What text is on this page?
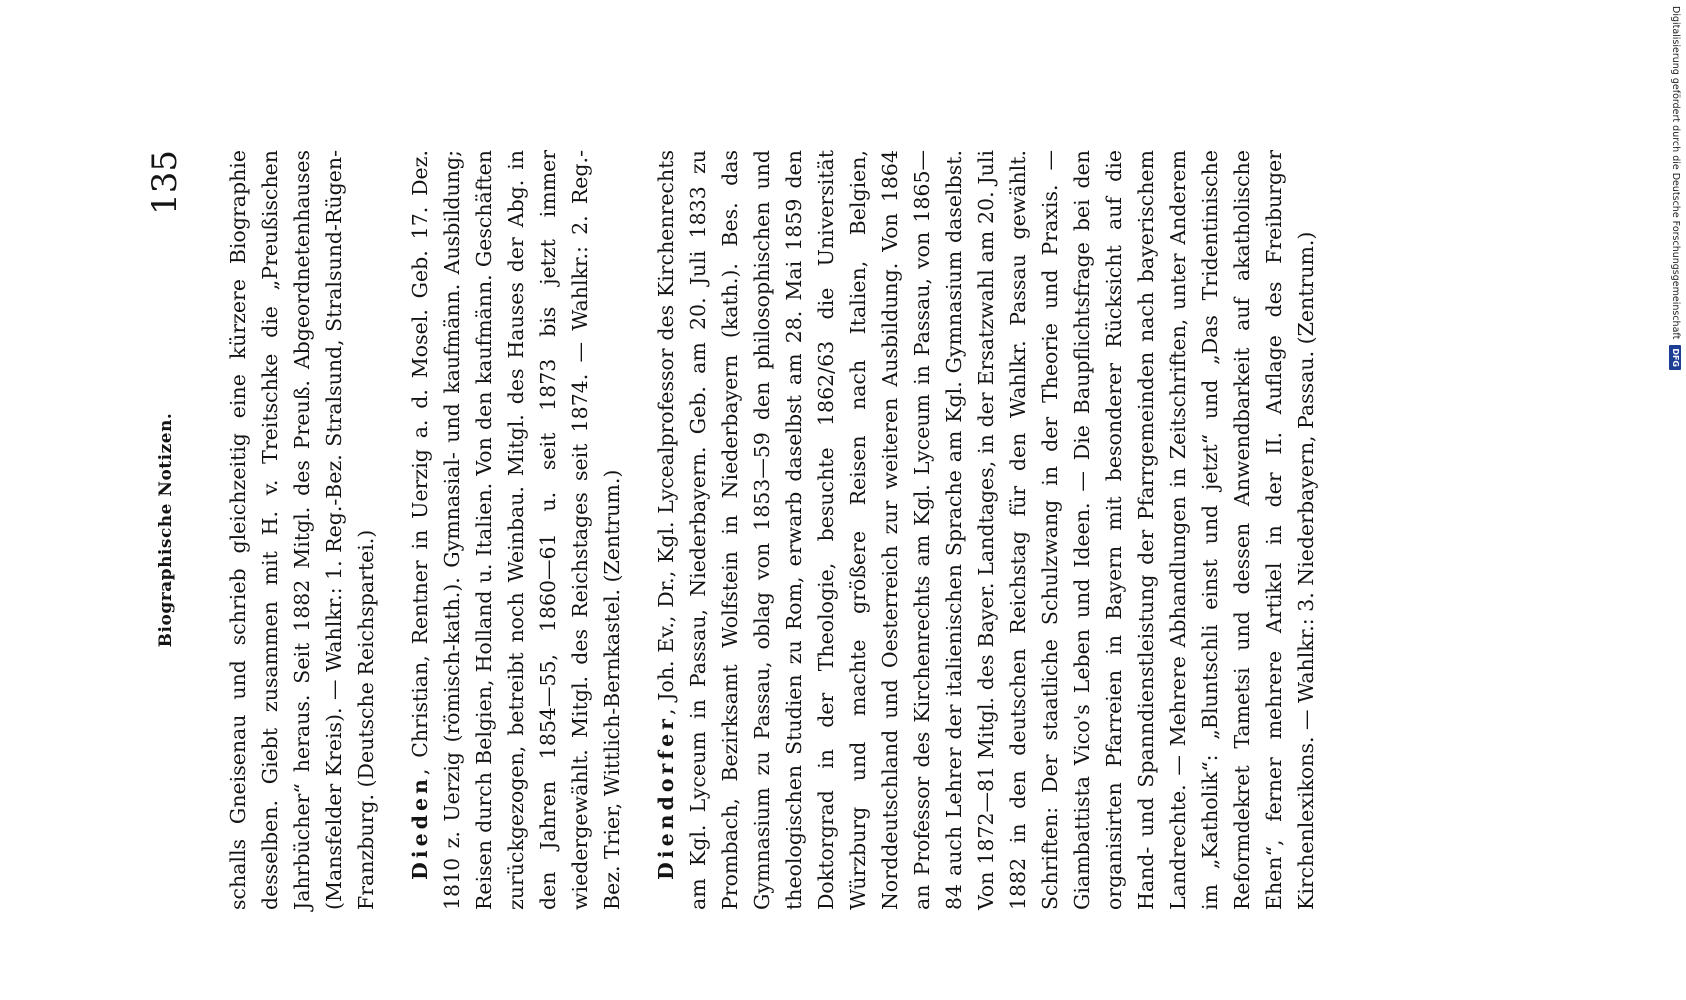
Biographische Notizen.
135 schalls Gneisenau und schrieb gleichzeitig eine kürzere Biographie desselben. Giebt zusammen mit H. v. Treitschke die „Preußischen Jahrbücher“ heraus. Seit 1882 Mitgl. des Preuß. Abgeordnetenhauses (Mansfelder Kreis). — Wahlkr.: 1. Reg.-Bez. Stralsund, Stralsund-Rügen-Franzburg. (Deutsche Reichspartei.) Dieden, Christian, Rentner in Uerzig a. d. Mosel. Geb. 17. Dez. 1810 z. Uerzig (römisch-kath.). Gymnasial- und kaufmänn. Ausbildung; Reisen durch Belgien, Holland u. Italien. Von den kaufmänn. Geschäften zurückgezogen, betreibt noch Weinbau. Mitgl. des Hauses der Abg. in den Jahren 1854—55, 1860—61 u. seit 1873 bis jetzt immer wiedergewählt. Mitgl. des Reichstages seit 1874. — Wahlkr.: 2. Reg.-Bez. Trier, Wittlich-Bernkastel. (Zentrum.) Diendorfer, Joh. Ev., Dr., Kgl. Lycealprofessor des Kirchenrechts am Kgl. Lyceum in Passau, Niederbayern. Geb. am 20. Juli 1833 zu Prombach, Bezirksamt Wolfstein in Niederbayern (kath.). Bes. das Gymnasium zu Passau, oblag von 1853—59 den philosophischen und theologischen Studien zu Rom, erwarb daselbst am 28. Mai 1859 den Doktorgrad in der Theologie, besuchte 1862/63 die Universität Würzburg und machte größere Reisen nach Italien, Belgien, Norddeutschland und Oesterreich zur weiteren Ausbildung. Von 1864 an Professor des Kirchenrechts am Kgl. Lyceum in Passau, von 1865—84 auch Lehrer der italienischen Sprache am Kgl. Gymnasium daselbst. Von 1872—81 Mitgl. des Bayer. Landtages, in der Ersatzwahl am 20. Juli 1882 in den deutschen Reichstag für den Wahlkr. Passau gewählt. Schriften: Der staatliche Schulzwang in der Theorie und Praxis. — Giambattista Vico's Leben und Ideen. — Die Baupflichtsfrage bei den organisirten Pfarreien in Bayern mit besonderer Rücksicht auf die Hand- und Spanndienstleistung der Pfarrgemeinden nach bayerischem Landrechte. — Mehrere Abhandlungen in Zeitschriften, unter Anderem im „Katholik“: „Bluntschli einst und jetzt“ und „Das Tridentinische Reformdekret Tametsi und dessen Anwendbarkeit auf akatholische Ehen“, ferner mehrere Artikel in der II. Auflage des Freiburger Kirchenlexikons. — Wahlkr.: 3. Niederbayern, Passau. (Zentrum.)

Digitalisierung gefördert durch die Deutsche Forschungsgemeinschaft
DFG
